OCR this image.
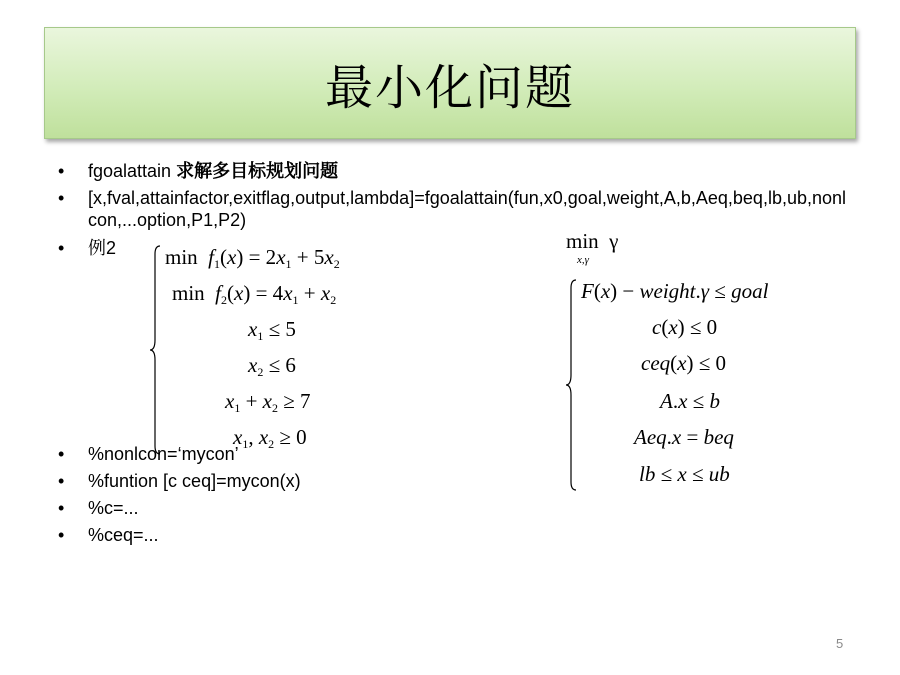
最小化问题
• fgoalattain 求解多目标规划问题
• [x,fval,attainfactor,exitflag,output,lambda]=fgoalattain(fun,x0,goal,weight,A,b,Aeq,beq,lb,ub,nonlcon,...option,P1,P2)
• 例2
• %nonlcon=‘mycon’
• %funtion [c ceq]=mycon(x)
• %c=...
• %ceq=...
$\min f_1(x) = 2x_1 + 5x_2$
$\min f_2(x) = 4x_1 + x_2$
$x_1 \le 5$
$x_2 \le 6$
$x_1 + x_2 \ge 7$
$x_1$, $x_2 \ge 0$
min  γ
x,γ
F(x) − weight.γ ≤ goal
c(x) ≤ 0
ceq(x) ≤ 0
A.x ≤ b
Aeq.x = beq
lb ≤ x ≤ ub
5
